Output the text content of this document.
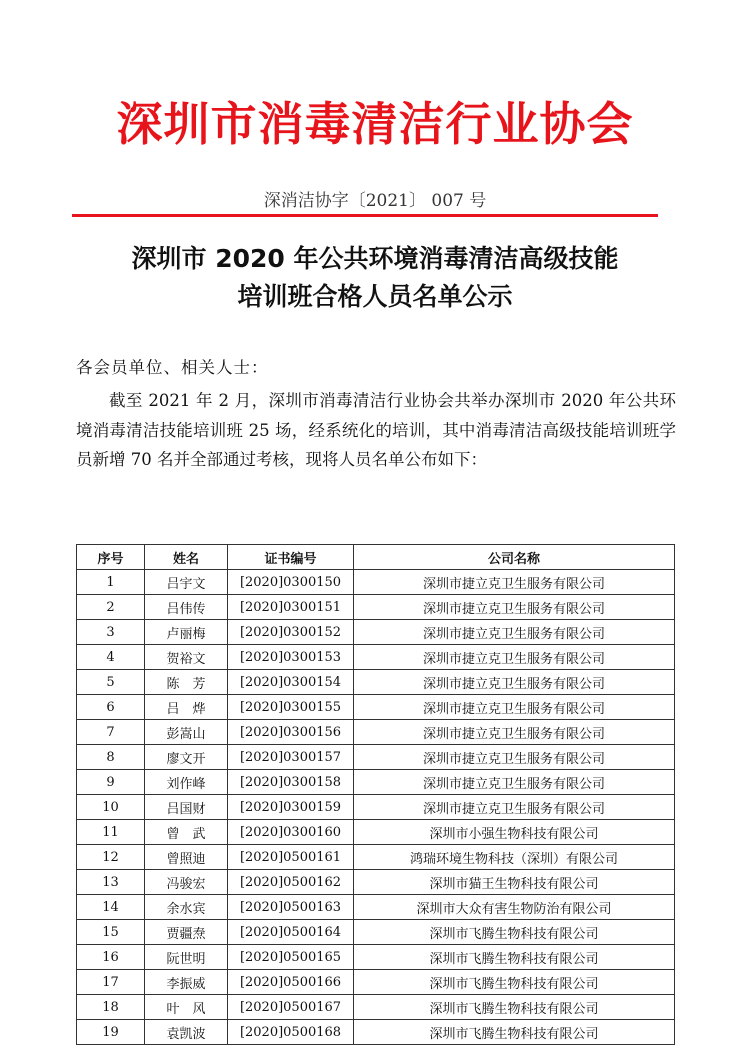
深圳市消毒清洁行业协会
深消洁协字〔2021〕 007 号
深圳市 2020 年公共环境消毒清洁高级技能
培训班合格人员名单公示
各会员单位、相关人士：
截至 2021 年 2 月，深圳市消毒清洁行业协会共举办深圳市 2020 年公共环境消毒清洁技能培训班 25 场，经系统化的培训，其中消毒清洁高级技能培训班学员新增 70 名并全部通过考核，现将人员名单公布如下：
序号	姓名	证书编号	公司名称
1	吕宇文	[2020]0300150	深圳市捷立克卫生服务有限公司
2	吕伟传	[2020]0300151	深圳市捷立克卫生服务有限公司
3	卢丽梅	[2020]0300152	深圳市捷立克卫生服务有限公司
4	贺裕文	[2020]0300153	深圳市捷立克卫生服务有限公司
5	陈　芳	[2020]0300154	深圳市捷立克卫生服务有限公司
6	吕　烨	[2020]0300155	深圳市捷立克卫生服务有限公司
7	彭嵩山	[2020]0300156	深圳市捷立克卫生服务有限公司
8	廖文开	[2020]0300157	深圳市捷立克卫生服务有限公司
9	刘作峰	[2020]0300158	深圳市捷立克卫生服务有限公司
10	吕国财	[2020]0300159	深圳市捷立克卫生服务有限公司
11	曾　武	[2020]0300160	深圳市小强生物科技有限公司
12	曾照迪	[2020]0500161	鸿瑞环境生物科技（深圳）有限公司
13	冯骏宏	[2020]0500162	深圳市猫王生物科技有限公司
14	余水宾	[2020]0500163	深圳市大众有害生物防治有限公司
15	贾疆焘	[2020]0500164	深圳市飞腾生物科技有限公司
16	阮世明	[2020]0500165	深圳市飞腾生物科技有限公司
17	李振威	[2020]0500166	深圳市飞腾生物科技有限公司
18	叶　风	[2020]0500167	深圳市飞腾生物科技有限公司
19	袁凯波	[2020]0500168	深圳市飞腾生物科技有限公司
